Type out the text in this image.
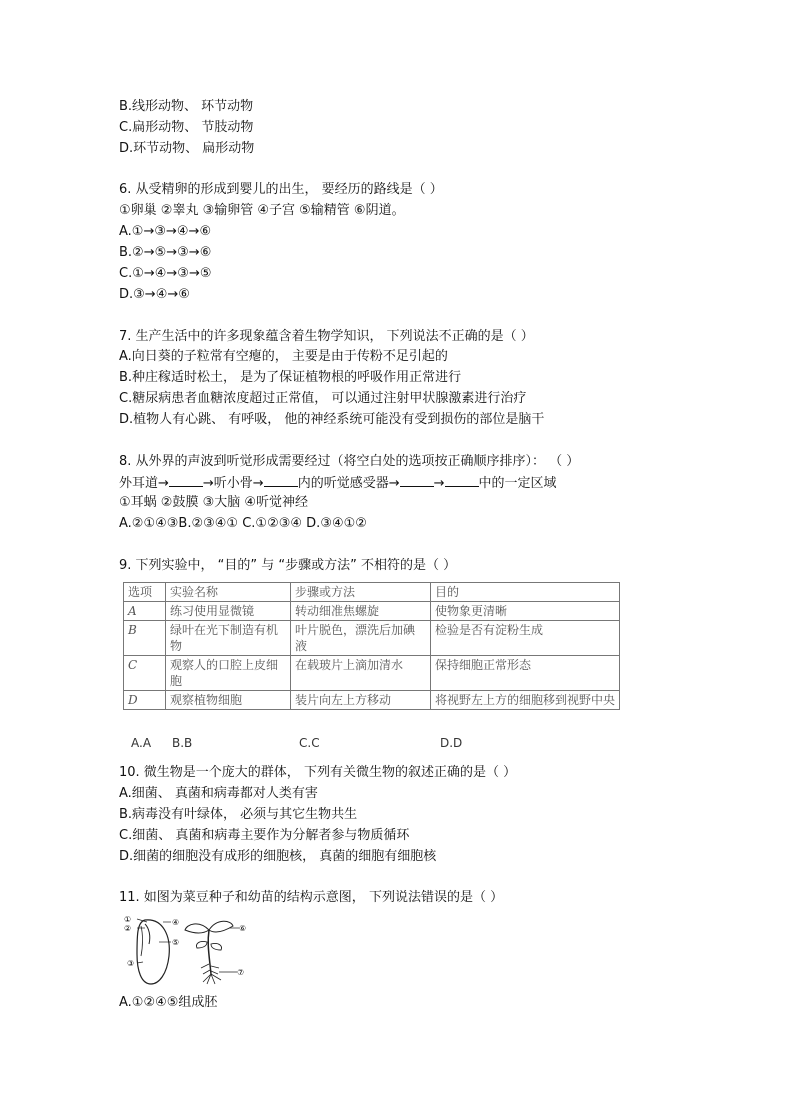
B.线形动物、 环节动物
C.扁形动物、 节肢动物
D.环节动物、 扁形动物
6. 从受精卵的形成到婴儿的出生， 要经历的路线是（ ）
①卵巢 ②睾丸 ③输卵管 ④子宫 ⑤输精管 ⑥阴道。
A.①→③→④→⑥
B.②→⑤→③→⑥
C.①→④→③→⑤
D.③→④→⑥
7. 生产生活中的许多现象蕴含着生物学知识， 下列说法不正确的是（ ）
A.向日葵的子粒常有空瘪的， 主要是由于传粉不足引起的
B.种庄稼适时松土， 是为了保证植物根的呼吸作用正常进行
C.糖尿病患者血糖浓度超过正常值， 可以通过注射甲状腺激素进行治疗
D.植物人有心跳、 有呼吸， 他的神经系统可能没有受到损伤的部位是脑干
8. 从外界的声波到听觉形成需要经过（将空白处的选项按正确顺序排序）： （ ）
外耳道→	→听小骨→	内的听觉感受器→	→	中的一定区域
①耳蜗 ②鼓膜 ③大脑 ④听觉神经
A.②①④③B.②③④① C.①②③④ D.③④①②
9. 下列实验中， “目的” 与 “步骤或方法” 不相符的是（ ）
选项	实验名称	步骤或方法	目的
A	练习使用显微镜	转动细准焦螺旋	使物象更清晰
B	绿叶在光下制造有机物	叶片脱色，漂洗后加碘液	检验是否有淀粉生成
C	观察人的口腔上皮细胞	在载玻片上滴加清水	保持细胞正常形态
D	观察植物细胞	装片向左上方移动	将视野左上方的细胞移到视野中央
A.A B.B	C.C	D.D
10. 微生物是一个庞大的群体， 下列有关微生物的叙述正确的是（ ）
A.细菌、 真菌和病毒都对人类有害
B.病毒没有叶绿体， 必须与其它生物共生
C.细菌、 真菌和病毒主要作为分解者参与物质循环
D.细菌的细胞没有成形的细胞核， 真菌的细胞有细胞核
11. 如图为菜豆种子和幼苗的结构示意图， 下列说法错误的是（ ）
①
②
③
④
⑤
⑥
⑦
A.①②④⑤组成胚
